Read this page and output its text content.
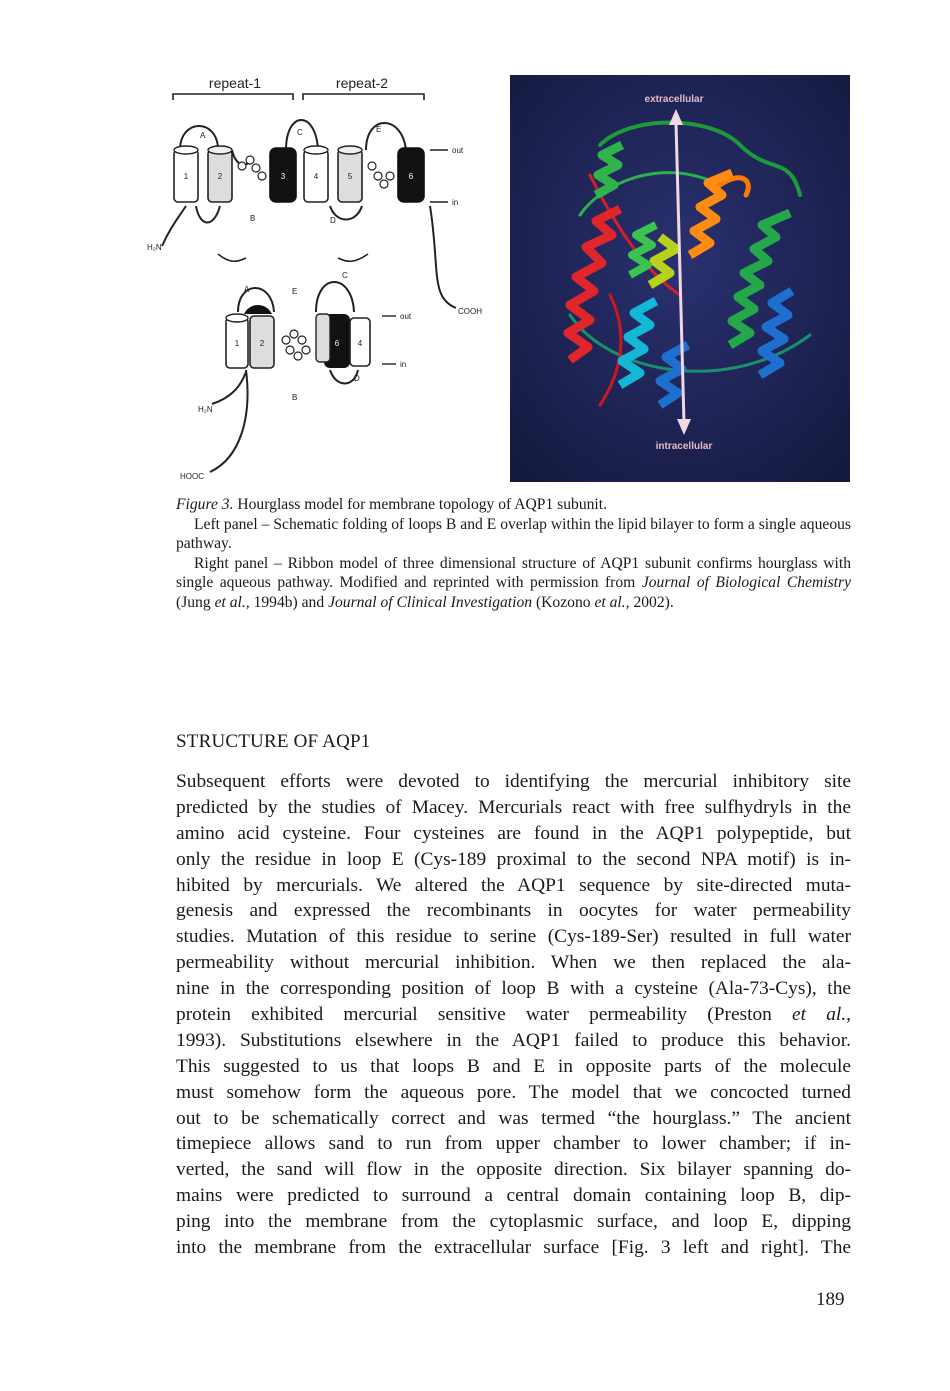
repeat-1	repeat-2
1	2	3	4	5	6
A	C	E
B	D
H₂N
COOH
out
in
1	2	6 4
A	E
C
D
B
H₂N
HOOC
out
in
extracellular
intracellular

Figure 3. Hourglass model for membrane topology of AQP1 subunit.

Left panel – Schematic folding of loops B and E overlap within the lipid bilayer to form a single aqueous pathway.

Right panel – Ribbon model of three dimensional structure of AQP1 subunit confirms hourglass with single aqueous pathway. Modified and reprinted with permission from Journal of Biological Chemistry (Jung et al., 1994b) and Journal of Clinical Investigation (Kozono et al., 2002).

STRUCTURE OF AQP1
Subsequent efforts were devoted to identifying the mercurial inhibitory site
predicted by the studies of Macey. Mercurials react with free sulfhydryls in the
amino acid cysteine. Four cysteines are found in the AQP1 polypeptide, but
only the residue in loop E (Cys-189 proximal to the second NPA motif) is in-
hibited by mercurials. We altered the AQP1 sequence by site-directed muta-
genesis and expressed the recombinants in oocytes for water permeability
studies. Mutation of this residue to serine (Cys-189-Ser) resulted in full water
permeability without mercurial inhibition. When we then replaced the ala-
nine in the corresponding position of loop B with a cysteine (Ala-73-Cys), the
protein exhibited mercurial sensitive water permeability (Preston et al.,
1993). Substitutions elsewhere in the AQP1 failed to produce this behavior.
This suggested to us that loops B and E in opposite parts of the molecule
must somehow form the aqueous pore. The model that we concocted turned
out to be schematically correct and was termed “the hourglass.” The ancient
timepiece allows sand to run from upper chamber to lower chamber; if in-
verted, the sand will flow in the opposite direction. Six bilayer spanning do-
mains were predicted to surround a central domain containing loop B, dip-
ping into the membrane from the cytoplasmic surface, and loop E, dipping
into the membrane from the extracellular surface [Fig. 3 left and right]. The
189
